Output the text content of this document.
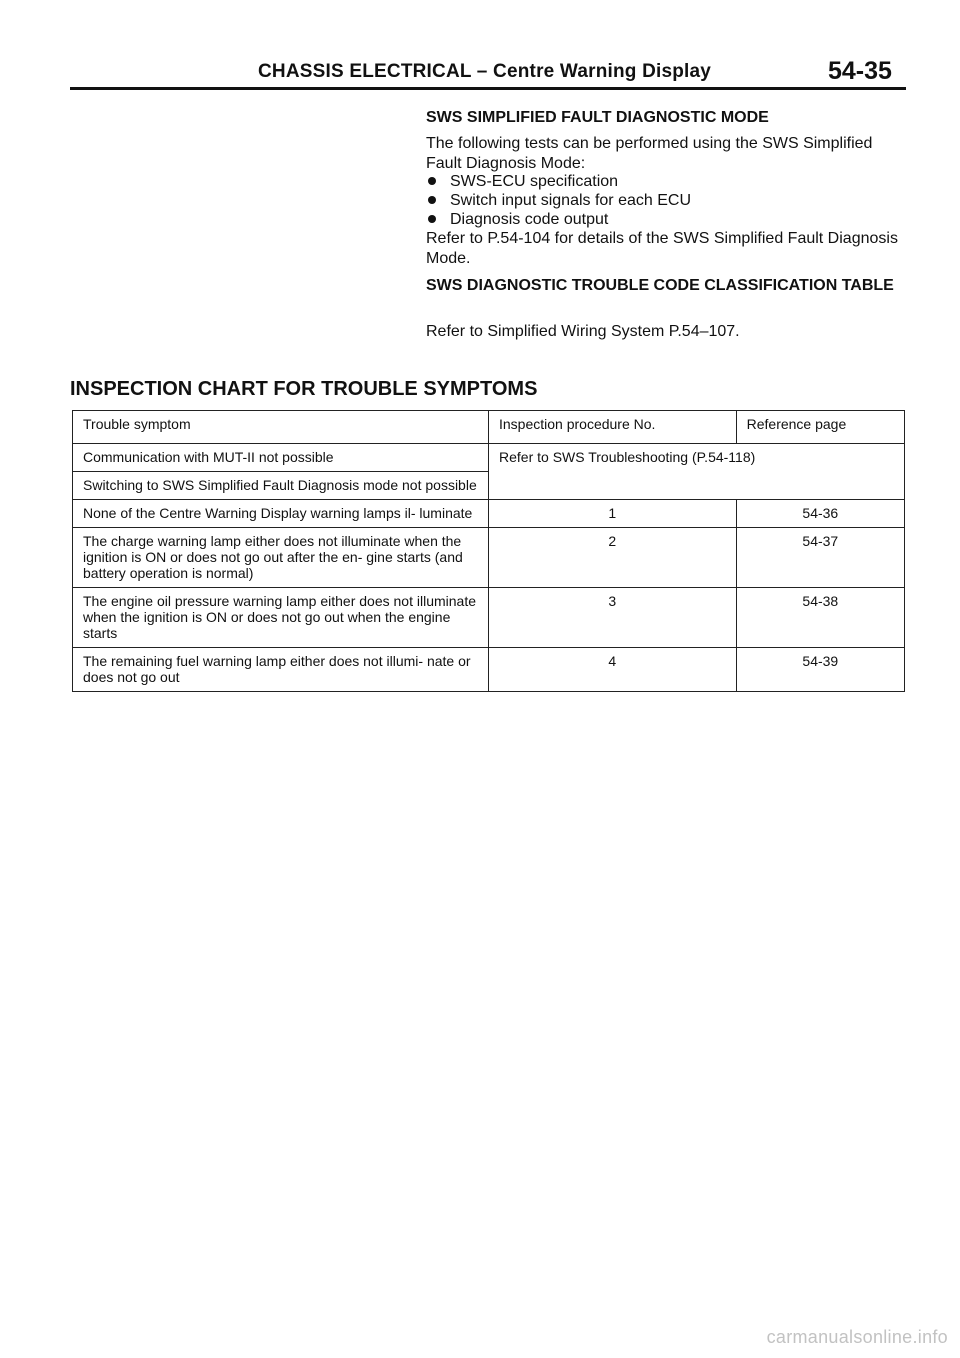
CHASSIS ELECTRICAL – Centre Warning Display	54-35
SWS SIMPLIFIED FAULT DIAGNOSTIC MODE
The following tests can be performed using the SWS Simplified Fault Diagnosis Mode:
SWS-ECU specification
Switch input signals for each ECU
Diagnosis code output
Refer to P.54-104 for details of the SWS Simplified Fault Diagnosis Mode.
SWS DIAGNOSTIC TROUBLE CODE CLASSIFICATION TABLE
Refer to Simplified Wiring System P.54–107.
INSPECTION CHART FOR TROUBLE SYMPTOMS
Trouble symptom	Inspection procedure No.	Reference page
Communication with MUT-II not possible	Refer to SWS Troubleshooting (P.54-118)	
Switching to SWS Simplified Fault Diagnosis mode not possible		
None of the Centre Warning Display warning lamps il- luminate	1	54-36
The charge warning lamp either does not illuminate when the ignition is ON or does not go out after the en- gine starts (and battery operation is normal)	2	54-37
The engine oil pressure warning lamp either does not illuminate when the ignition is ON or does not go out when the engine starts	3	54-38
The remaining fuel warning lamp either does not illumi- nate or does not go out	4	54-39
carmanualsonline.info
